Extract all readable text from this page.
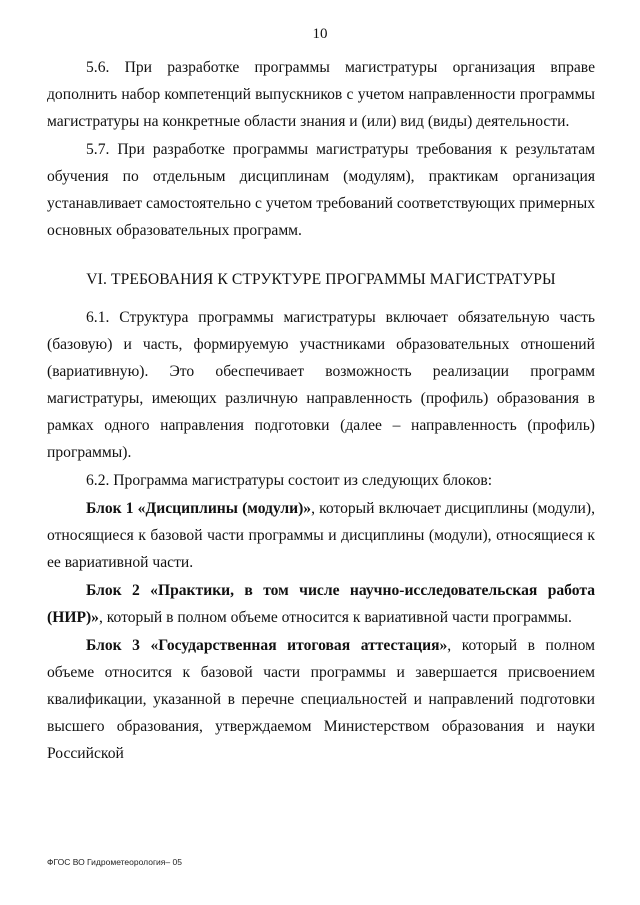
10

5.6. При разработке программы магистратуры организация вправе дополнить набор компетенций выпускников с учетом направленности программы магистратуры на конкретные области знания и (или) вид (виды) деятельности.

5.7. При разработке программы магистратуры требования к результатам обучения по отдельным дисциплинам (модулям), практикам организация устанавливает самостоятельно с учетом требований соответствующих примерных основных образовательных программ.

VI. ТРЕБОВАНИЯ К СТРУКТУРЕ ПРОГРАММЫ МАГИСТРАТУРЫ

6.1. Структура программы магистратуры включает обязательную часть (базовую) и часть, формируемую участниками образовательных отношений (вариативную). Это обеспечивает возможность реализации программ магистратуры, имеющих различную направленность (профиль) образования в рамках одного направления подготовки (далее – направленность (профиль) программы).

6.2. Программа магистратуры состоит из следующих блоков:

Блок 1 «Дисциплины (модули)», который включает дисциплины (модули), относящиеся к базовой части программы и дисциплины (модули), относящиеся к ее вариативной части.

Блок 2 «Практики, в том числе научно-исследовательская работа (НИР)», который в полном объеме относится к вариативной части программы.

Блок 3 «Государственная итоговая аттестация», который в полном объеме относится к базовой части программы и завершается присвоением квалификации, указанной в перечне специальностей и направлений подготовки высшего образования, утверждаемом Министерством образования и науки Российской

ФГОС ВО Гидрометеорология– 05
